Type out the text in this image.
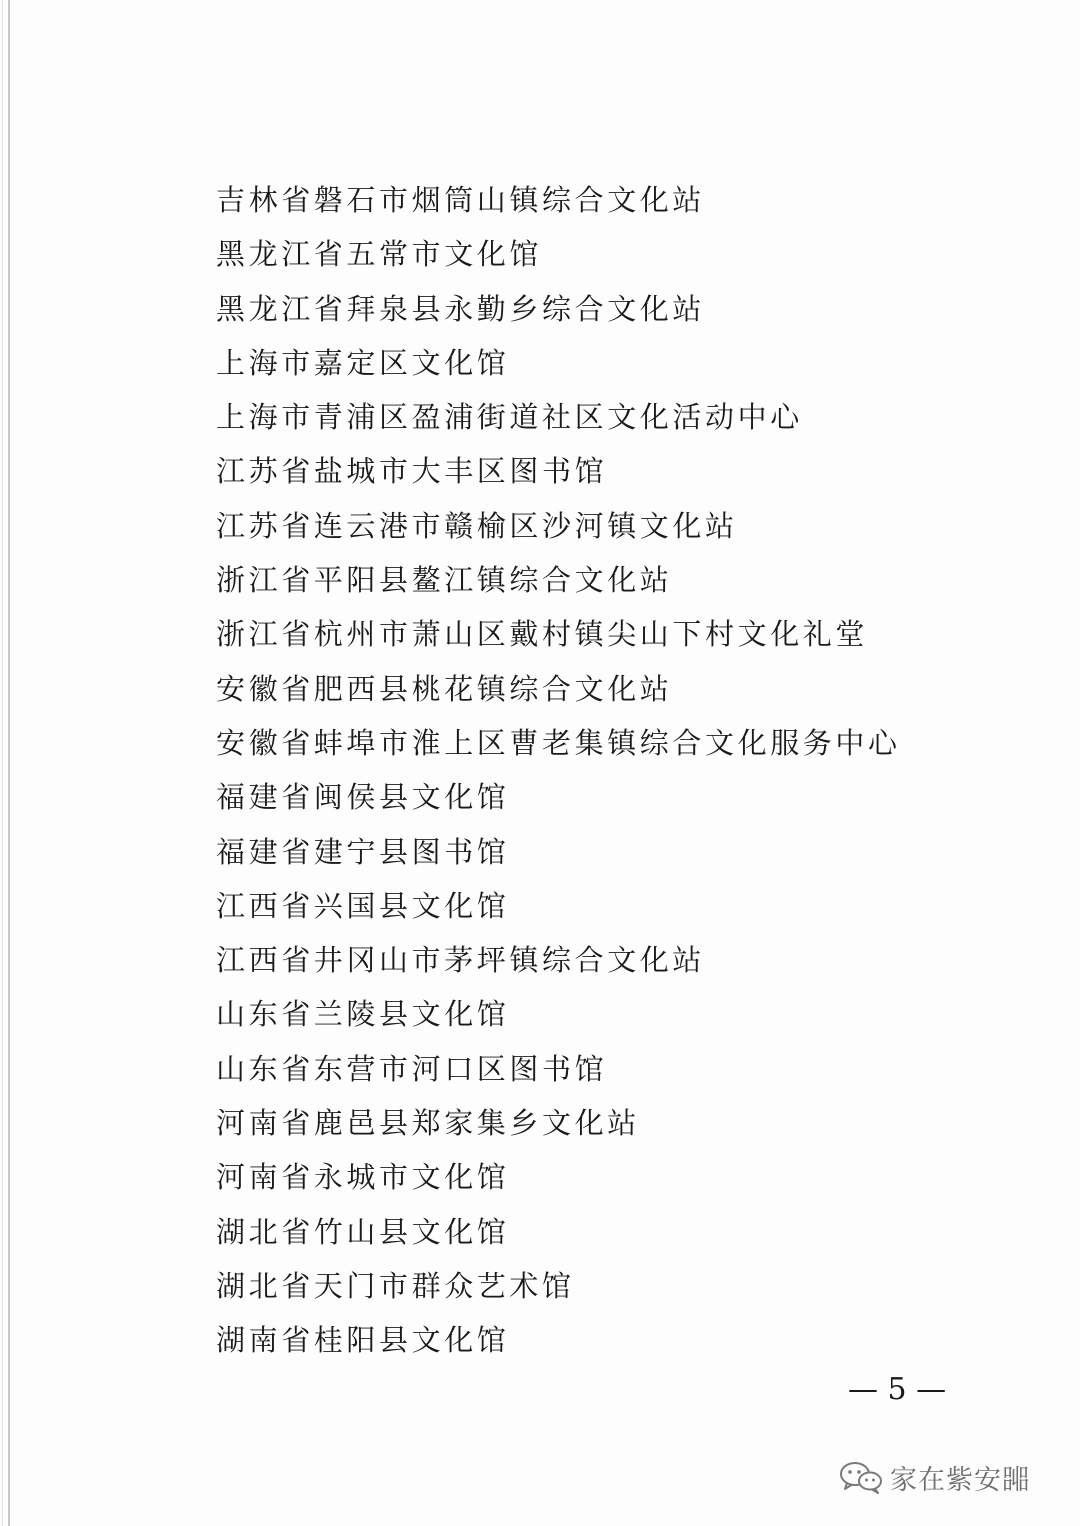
吉林省磐石市烟筒山镇综合文化站
黑龙江省五常市文化馆
黑龙江省拜泉县永勤乡综合文化站
上海市嘉定区文化馆
上海市青浦区盈浦街道社区文化活动中心
江苏省盐城市大丰区图书馆
江苏省连云港市赣榆区沙河镇文化站
浙江省平阳县鳌江镇综合文化站
浙江省杭州市萧山区戴村镇尖山下村文化礼堂
安徽省肥西县桃花镇综合文化站
安徽省蚌埠市淮上区曹老集镇综合文化服务中心
福建省闽侯县文化馆
福建省建宁县图书馆
江西省兴国县文化馆
江西省井冈山市茅坪镇综合文化站
山东省兰陵县文化馆
山东省东营市河口区图书馆
河南省鹿邑县郑家集乡文化站
河南省永城市文化馆
湖北省竹山县文化馆
湖北省天门市群众艺术馆
湖南省桂阳县文化馆
— 5 —
家在紫安嘂
